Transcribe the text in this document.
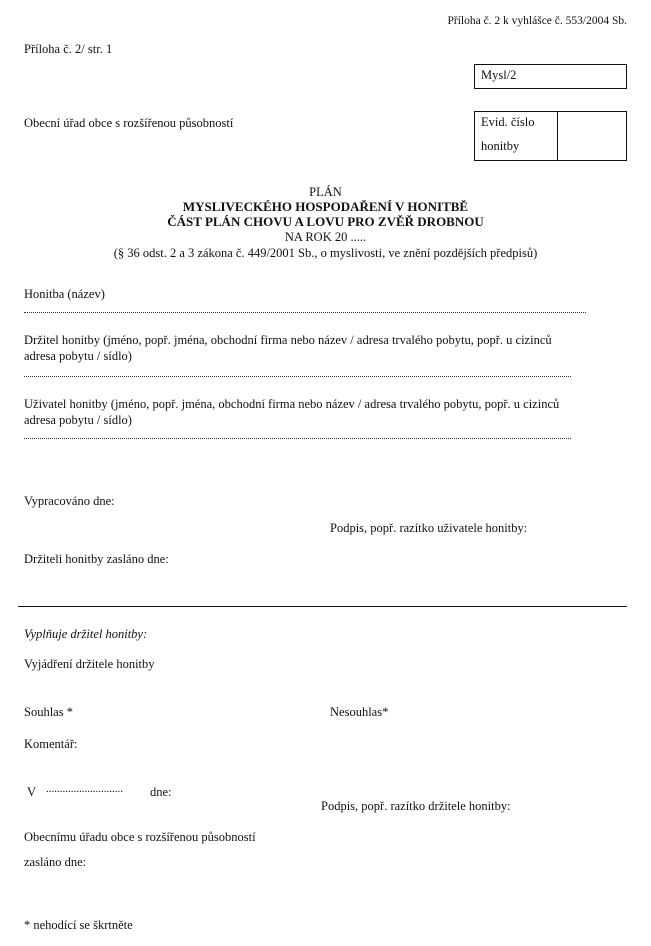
Příloha č. 2 k vyhlášce č. 553/2004 Sb.
Příloha č. 2/ str. 1
Mysl/2
Obecní úřad obce s rozšířenou působností	Evid. číslo
honitby
PLÁN
MYSLIVECKÉHO HOSPODAŘENÍ V HONITBĚ
ČÁST PLÁN CHOVU A LOVU PRO ZVĚŘ DROBNOU
NA ROK 20 .....
(§ 36 odst. 2 a 3 zákona č. 449/2001 Sb., o myslivosti, ve znění pozdějších předpisů)
Honitba (název)
Držitel honitby (jméno, popř. jména, obchodní firma nebo název / adresa trvalého pobytu, popř. u cizinců
adresa pobytu / sídlo)
Uživatel honitby (jméno, popř. jména, obchodní firma nebo název / adresa trvalého pobytu, popř. u cizinců
adresa pobytu / sídlo)
Vypracováno dne:
Podpis, popř. razítko uživatele honitby:
Držiteli honitby zasláno dne:
Vyplňuje držitel honitby:
Vyjádření držitele honitby
Souhlas *	Nesouhlas*
Komentář:
V ............................ dne:
Podpis, popř. razítko držitele honitby:
Obecnímu úřadu obce s rozšířenou působností
zasláno dne:
* nehodící se škrtněte
